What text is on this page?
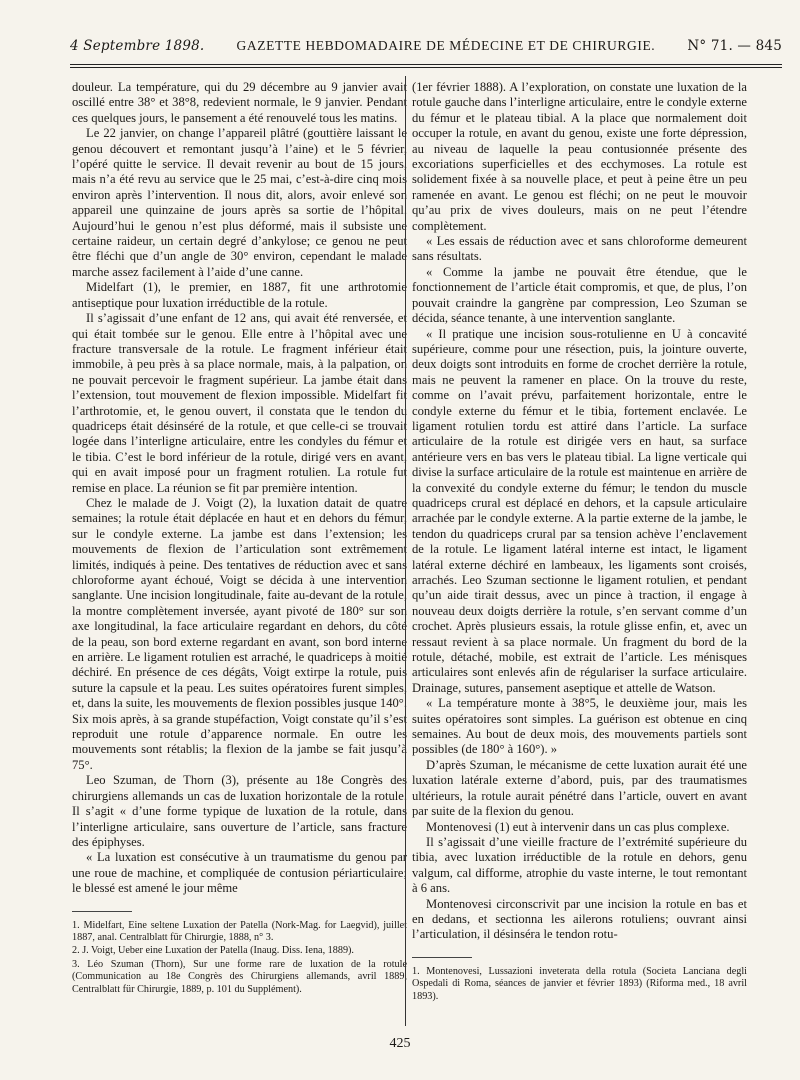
4 Septembre 1898. GAZETTE HEBDOMADAIRE DE MÉDECINE ET DE CHIRURGIE. N° 71. — 845

douleur. La température, qui du 29 décembre au 9 janvier avait oscillé entre 38° et 38°8, redevient normale, le 9 janvier. Pendant ces quelques jours, le pansement a été renouvelé tous les matins.

Le 22 janvier, on change l’appareil plâtré (gouttière laissant le genou découvert et remontant jusqu’à l’aine) et le 5 février, l’opéré quitte le service. Il devait revenir au bout de 15 jours, mais n’a été revu au service que le 25 mai, c’est-à-dire cinq mois environ après l’intervention. Il nous dit, alors, avoir enlevé son appareil une quinzaine de jours après sa sortie de l’hôpital. Aujourd’hui le genou n’est plus déformé, mais il subsiste une certaine raideur, un certain degré d’ankylose; ce genou ne peut être fléchi que d’un angle de 30° environ, cependant le malade marche assez facilement à l’aide d’une canne.

Midelfart (1), le premier, en 1887, fit une arthrotomie antiseptique pour luxation irréductible de la rotule.

Il s’agissait d’une enfant de 12 ans, qui avait été renversée, et qui était tombée sur le genou. Elle entre à l’hôpital avec une fracture transversale de la rotule. Le fragment inférieur était immobile, à peu près à sa place normale, mais, à la palpation, on ne pouvait percevoir le fragment supérieur. La jambe était dans l’extension, tout mouvement de flexion impossible. Midelfart fit l’arthrotomie, et, le genou ouvert, il constata que le tendon du quadriceps était désinséré de la rotule, et que celle-ci se trouvait logée dans l’interligne articulaire, entre les condyles du fémur et le tibia. C’est le bord inférieur de la rotule, dirigé vers en avant, qui en avait imposé pour un fragment rotulien. La rotule fut remise en place. La réunion se fit par première intention.

Chez le malade de J. Voigt (2), la luxation datait de quatre semaines; la rotule était déplacée en haut et en dehors du fémur, sur le condyle externe. La jambe est dans l’extension; les mouvements de flexion de l’articulation sont extrêmement limités, indiqués à peine. Des tentatives de réduction avec et sans chloroforme ayant échoué, Voigt se décida à une intervention sanglante. Une incision longitudinale, faite au-devant de la rotule, la montre complètement inversée, ayant pivoté de 180° sur son axe longitudinal, la face articulaire regardant en dehors, du côté de la peau, son bord externe regardant en avant, son bord interne en arrière. Le ligament rotulien est arraché, le quadriceps à moitié déchiré. En présence de ces dégâts, Voigt extirpe la rotule, puis suture la capsule et la peau. Les suites opératoires furent simples, et, dans la suite, les mouvements de flexion possibles jusque 140°. Six mois après, à sa grande stupéfaction, Voigt constate qu’il s’est reproduit une rotule d’apparence normale. En outre les mouvements sont rétablis; la flexion de la jambe se fait jusqu’à 75°.

Leo Szuman, de Thorn (3), présente au 18e Congrès des chirurgiens allemands un cas de luxation horizontale de la rotule. Il s’agit « d’une forme typique de luxation de la rotule, dans l’interligne articulaire, sans ouverture de l’article, sans fracture des épiphyses.

« La luxation est consécutive à un traumatisme du genou par une roue de machine, et compliquée de contusion périarticulaire; le blessé est amené le jour même

1. Midelfart, Eine seltene Luxation der Patella (Nork-Mag. for Laegvid), juillet 1887, anal. Centralblatt für Chirurgie, 1888, n° 3.

2. J. Voigt, Ueber eine Luxation der Patella (Inaug. Diss. Iena, 1889).

3. Léo Szuman (Thorn), Sur une forme rare de luxation de la rotule (Communication au 18e Congrès des Chirurgiens allemands, avril 1889, Centralblatt für Chirurgie, 1889, p. 101 du Supplément).

(1er février 1888). A l’exploration, on constate une luxation de la rotule gauche dans l’interligne articulaire, entre le condyle externe du fémur et le plateau tibial. A la place que normalement doit occuper la rotule, en avant du genou, existe une forte dépression, au niveau de laquelle la peau contusionnée présente des excoriations superficielles et des ecchymoses. La rotule est solidement fixée à sa nouvelle place, et peut à peine être un peu ramenée en avant. Le genou est fléchi; on ne peut le mouvoir qu’au prix de vives douleurs, mais on ne peut l’étendre complètement.

« Les essais de réduction avec et sans chloroforme demeurent sans résultats.

« Comme la jambe ne pouvait être étendue, que le fonctionnement de l’article était compromis, et que, de plus, l’on pouvait craindre la gangrène par compression, Leo Szuman se décida, séance tenante, à une intervention sanglante.

« Il pratique une incision sous-rotulienne en U à concavité supérieure, comme pour une résection, puis, la jointure ouverte, deux doigts sont introduits en forme de crochet derrière la rotule, mais ne peuvent la ramener en place. On la trouve du reste, comme on l’avait prévu, parfaitement horizontale, entre le condyle externe du fémur et le tibia, fortement enclavée. Le ligament rotulien tordu est attiré dans l’article. La surface articulaire de la rotule est dirigée vers en haut, sa surface antérieure vers en bas vers le plateau tibial. La ligne verticale qui divise la surface articulaire de la rotule est maintenue en arrière de la convexité du condyle externe du fémur; le tendon du muscle quadriceps crural est déplacé en dehors, et la capsule articulaire arrachée par le condyle externe. A la partie externe de la jambe, le tendon du quadriceps crural par sa tension achève l’enclavement de la rotule. Le ligament latéral interne est intact, le ligament latéral externe déchiré en lambeaux, les ligaments sont croisés, arrachés. Leo Szuman sectionne le ligament rotulien, et pendant qu’un aide tirait dessus, avec un pince à traction, il engage à nouveau deux doigts derrière la rotule, s’en servant comme d’un crochet. Après plusieurs essais, la rotule glisse enfin, et, avec un ressaut revient à sa place normale. Un fragment du bord de la rotule, détaché, mobile, est extrait de l’article. Les ménisques articulaires sont enlevés afin de régulariser la surface articulaire. Drainage, sutures, pansement aseptique et attelle de Watson.

« La température monte à 38°5, le deuxième jour, mais les suites opératoires sont simples. La guérison est obtenue en cinq semaines. Au bout de deux mois, des mouvements partiels sont possibles (de 180° à 160°). »

D’après Szuman, le mécanisme de cette luxation aurait été une luxation latérale externe d’abord, puis, par des traumatismes ultérieurs, la rotule aurait pénétré dans l’article, ouvert en avant par suite de la flexion du genou.

Montenovesi (1) eut à intervenir dans un cas plus complexe.

Il s’agissait d’une vieille fracture de l’extrémité supérieure du tibia, avec luxation irréductible de la rotule en dehors, genu valgum, cal difforme, atrophie du vaste interne, le tout remontant à 6 ans.

Montenovesi circonscrivit par une incision la rotule en bas et en dedans, et sectionna les ailerons rotuliens; ouvrant ainsi l’articulation, il désinséra le tendon rotu-

1. Montenovesi, Lussazioni inveterata della rotula (Societa Lanciana degli Ospedali di Roma, séances de janvier et février 1893) (Riforma med., 18 avril 1893).

425
